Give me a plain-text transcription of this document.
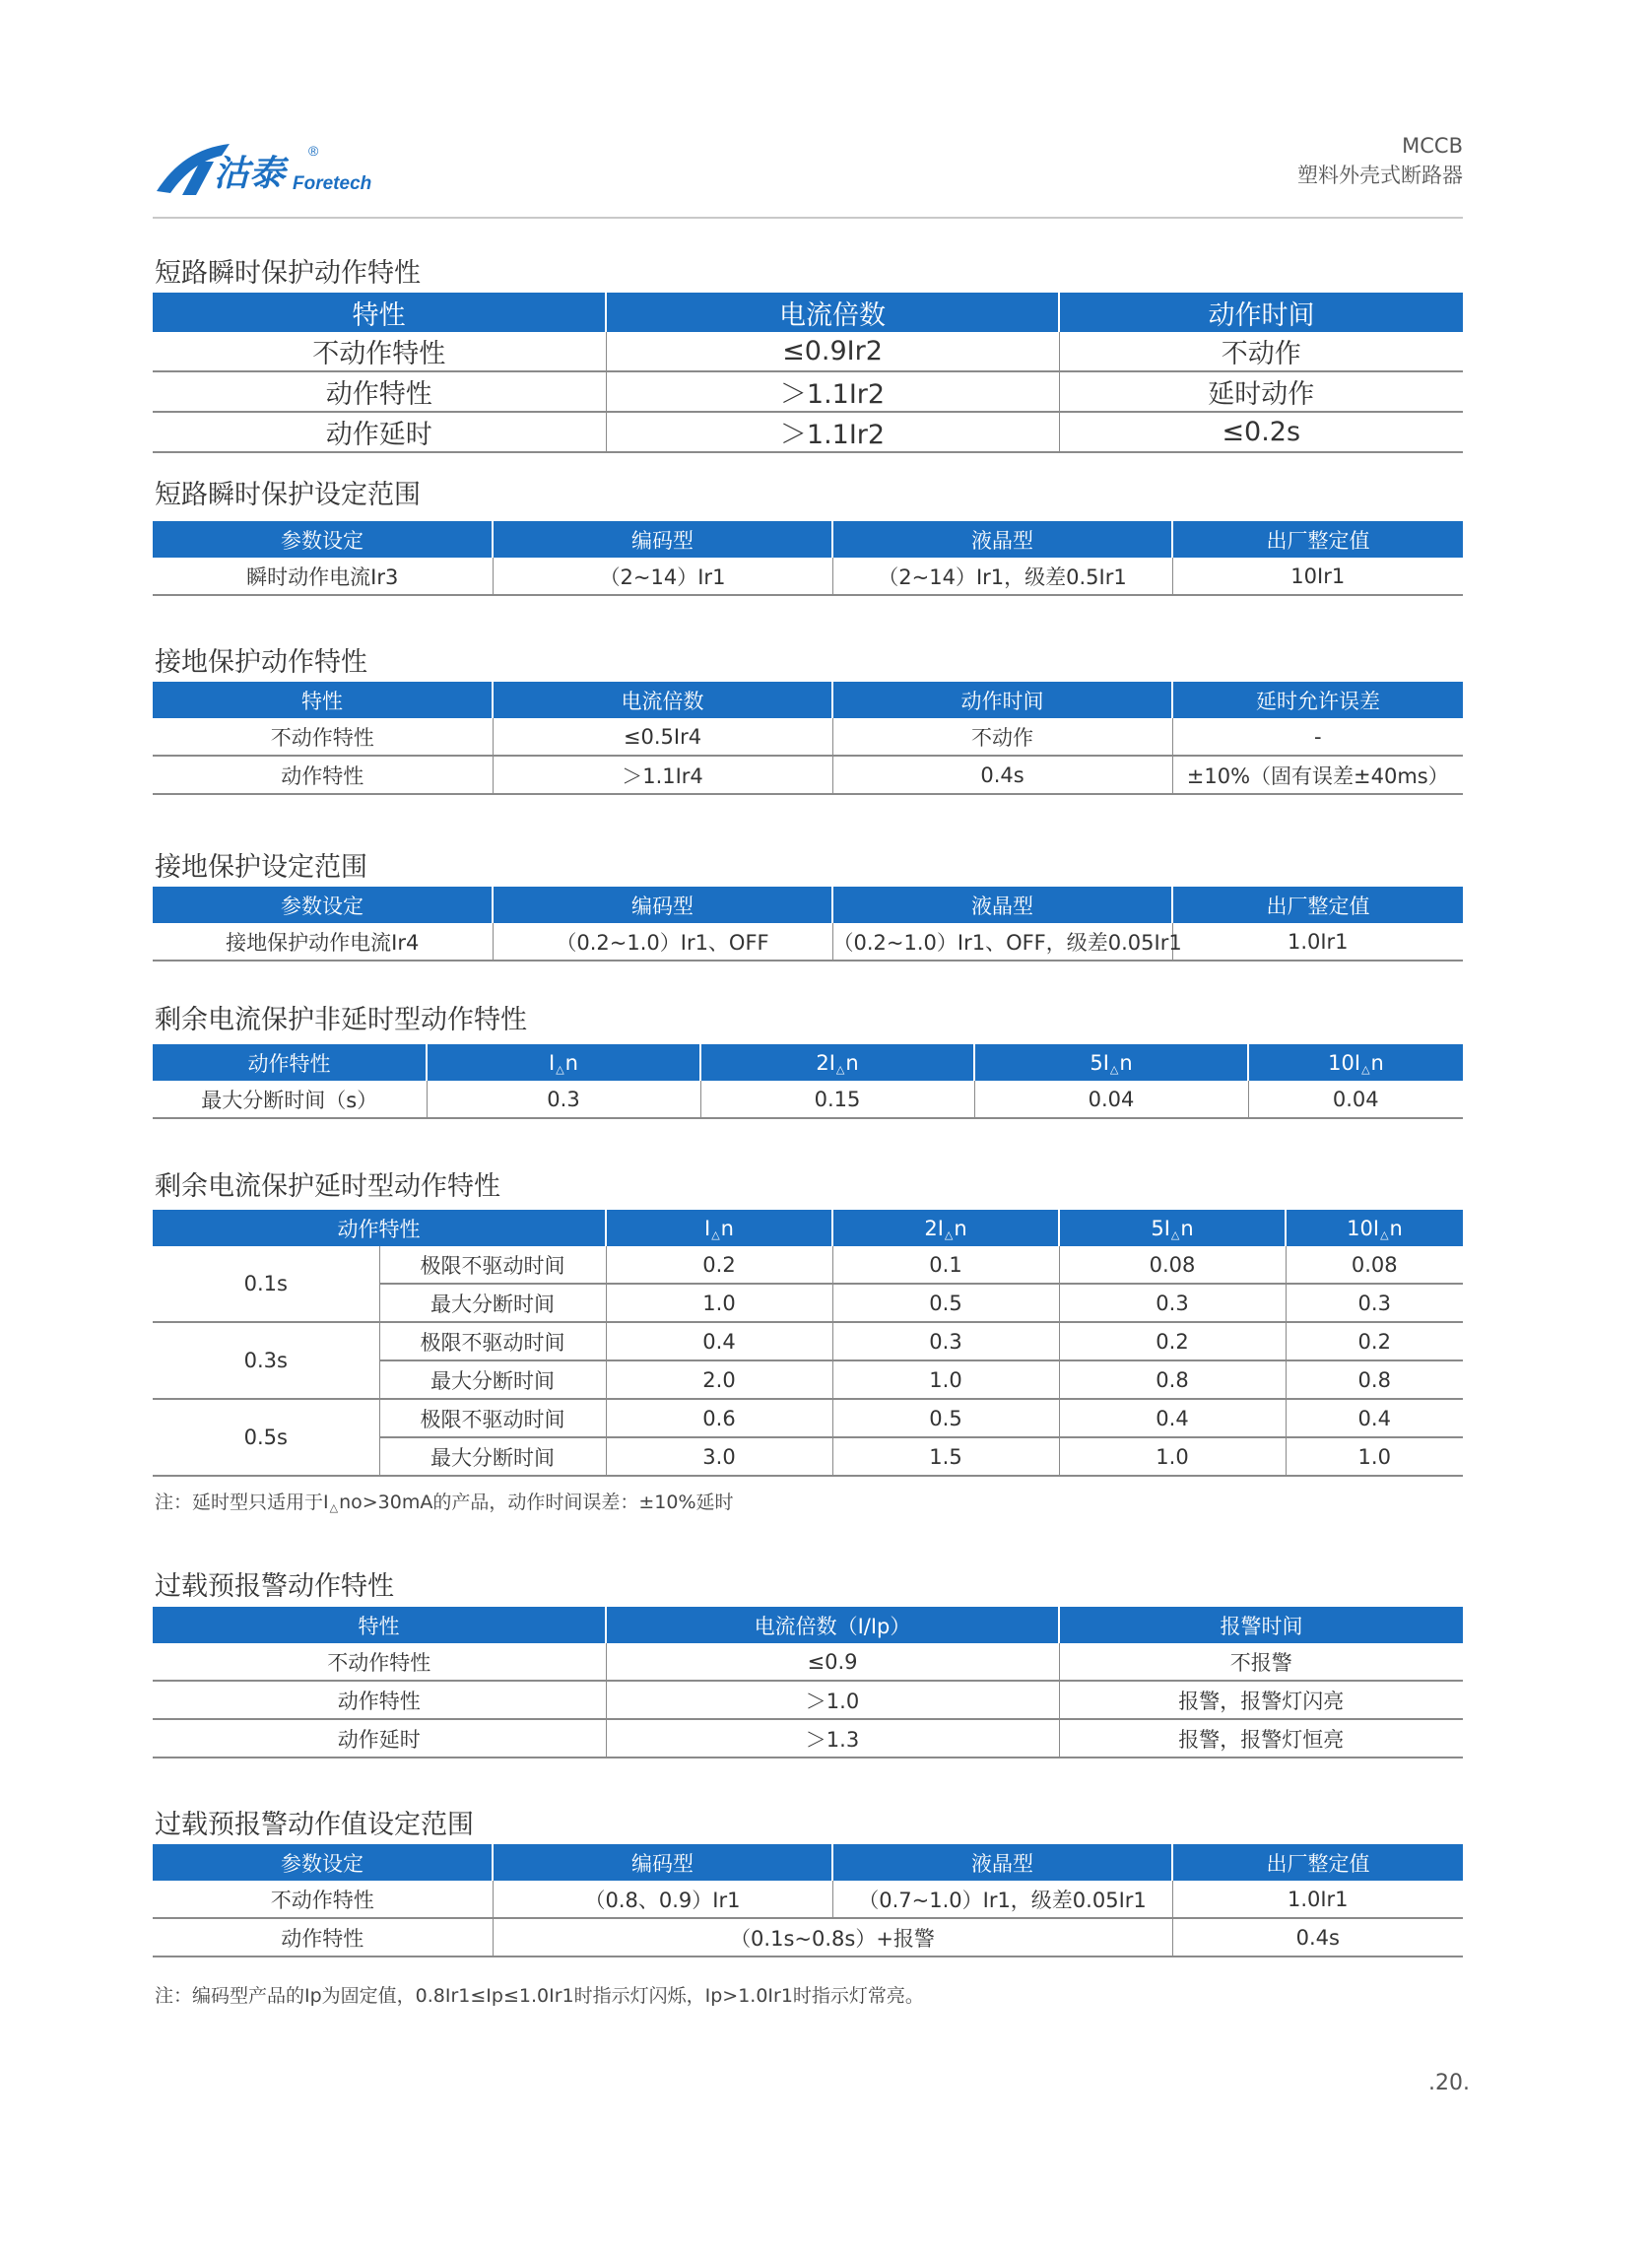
沽泰 Foretech
®	MCCB
塑料外壳式断路器
短路瞬时保护动作特性
特性	电流倍数	动作时间
不动作特性	≤0.9Ir2	不动作
动作特性	＞1.1Ir2	延时动作
动作延时	＞1.1Ir2	≤0.2s
短路瞬时保护设定范围
参数设定	编码型	液晶型	出厂整定值
瞬时动作电流Ir3	（2~14）Ir1	（2~14）Ir1，级差0.5Ir1	10Ir1
接地保护动作特性
特性	电流倍数	动作时间	延时允许误差
不动作特性	≤0.5Ir4	不动作	-
动作特性	＞1.1Ir4	0.4s	±10%（固有误差±40ms）
接地保护设定范围
参数设定	编码型	液晶型	出厂整定值
接地保护动作电流Ir4	（0.2~1.0）Ir1、OFF	（0.2~1.0）Ir1、OFF，级差0.05Ir1	1.0Ir1
剩余电流保护非延时型动作特性
动作特性	$I_\triangle n$	$2I_\triangle n$	$5I_\triangle n$	$10I_\triangle n$
最大分断时间（s）	0.3	0.15	0.04	0.04
剩余电流保护延时型动作特性
动作特性		$I_\triangle n$	$2I_\triangle n$	$5I_\triangle n$	$10I_\triangle n$
0.1s	极限不驱动时间	0.2	0.1	0.08	0.08
	最大分断时间	1.0	0.5	0.3	0.3
0.3s	极限不驱动时间	0.4	0.3	0.2	0.2
	最大分断时间	2.0	1.0	0.8	0.8
0.5s	极限不驱动时间	0.6	0.5	0.4	0.4
	最大分断时间	3.0	1.5	1.0	1.0
注：延时型只适用于$I_\triangle no>30mA$的产品，动作时间误差：±10%延时
过载预报警动作特性
特性	电流倍数（I/Ip）	报警时间
不动作特性	≤0.9	不报警
动作特性	＞1.0	报警，报警灯闪亮
动作延时	＞1.3	报警，报警灯恒亮
过载预报警动作值设定范围
参数设定	编码型	液晶型	出厂整定值
不动作特性	（0.8、0.9）Ir1	（0.7~1.0）Ir1，级差0.05Ir1	1.0Ir1
动作特性	（0.1s~0.8s）+报警		0.4s
注：编码型产品的Ip为固定值，0.8Ir1≤Ip≤1.0Ir1时指示灯闪烁，Ip>1.0Ir1时指示灯常亮。
.20.
